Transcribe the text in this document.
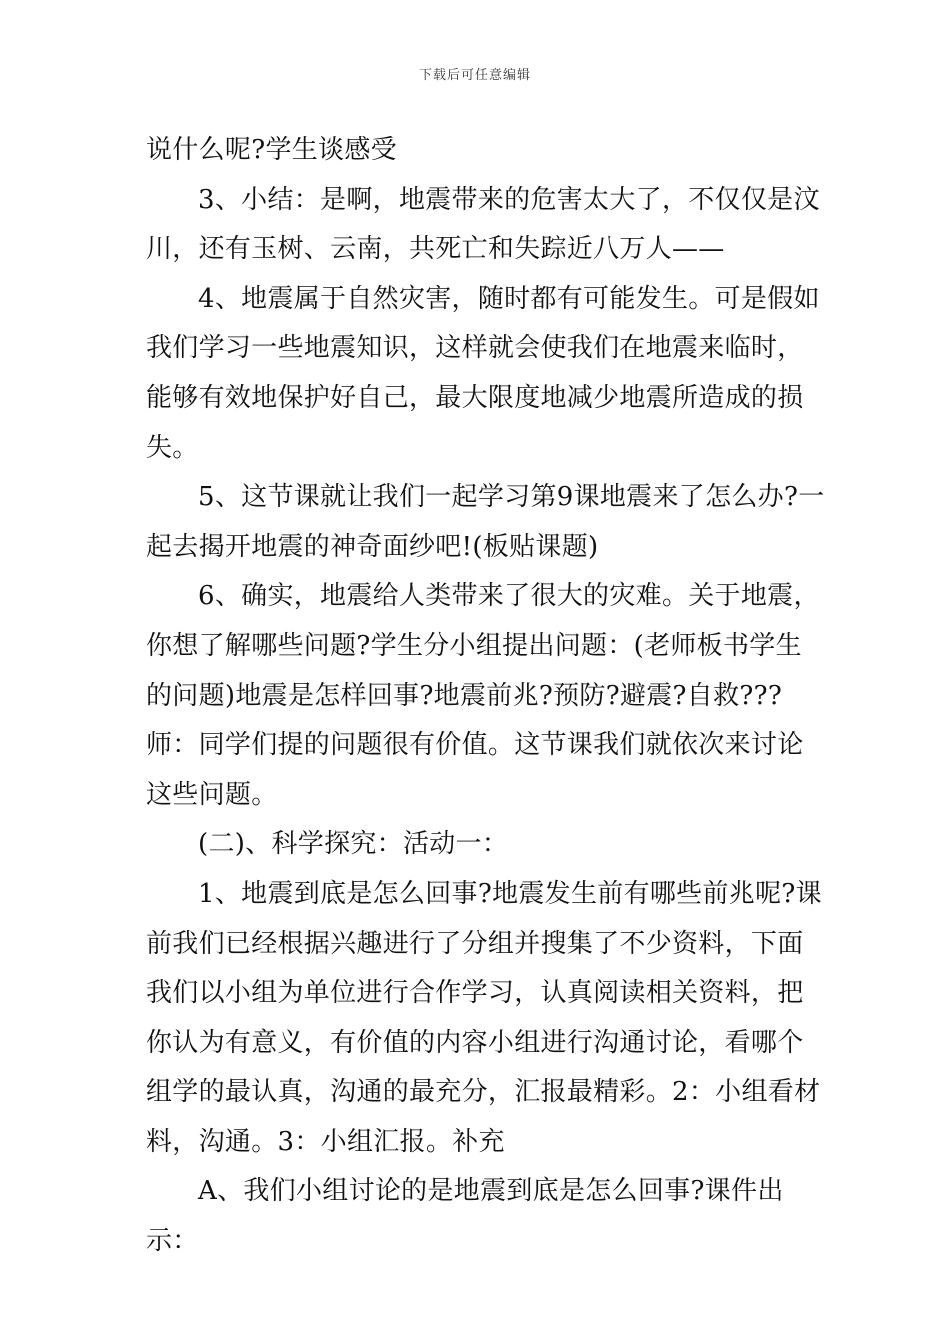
下载后可任意编辑

说什么呢?学生谈感受

3、小结：是啊，地震带来的危害太大了，不仅仅是汶川，还有玉树、云南，共死亡和失踪近八万人——

4、地震属于自然灾害，随时都有可能发生。可是假如我们学习一些地震知识，这样就会使我们在地震来临时，能够有效地保护好自己，最大限度地减少地震所造成的损失。

5、这节课就让我们一起学习第9课地震来了怎么办?一起去揭开地震的神奇面纱吧!(板贴课题)

6、确实，地震给人类带来了很大的灾难。关于地震，你想了解哪些问题?学生分小组提出问题：(老师板书学生的问题)地震是怎样回事?地震前兆?预防?避震?自救???师：同学们提的问题很有价值。这节课我们就依次来讨论这些问题。

(二)、科学探究：活动一：

1、地震到底是怎么回事?地震发生前有哪些前兆呢?课前我们已经根据兴趣进行了分组并搜集了不少资料，下面我们以小组为单位进行合作学习，认真阅读相关资料，把你认为有意义，有价值的内容小组进行沟通讨论，看哪个组学的最认真，沟通的最充分，汇报最精彩。2：小组看材料，沟通。3：小组汇报。补充

A、我们小组讨论的是地震到底是怎么回事?课件出示：
